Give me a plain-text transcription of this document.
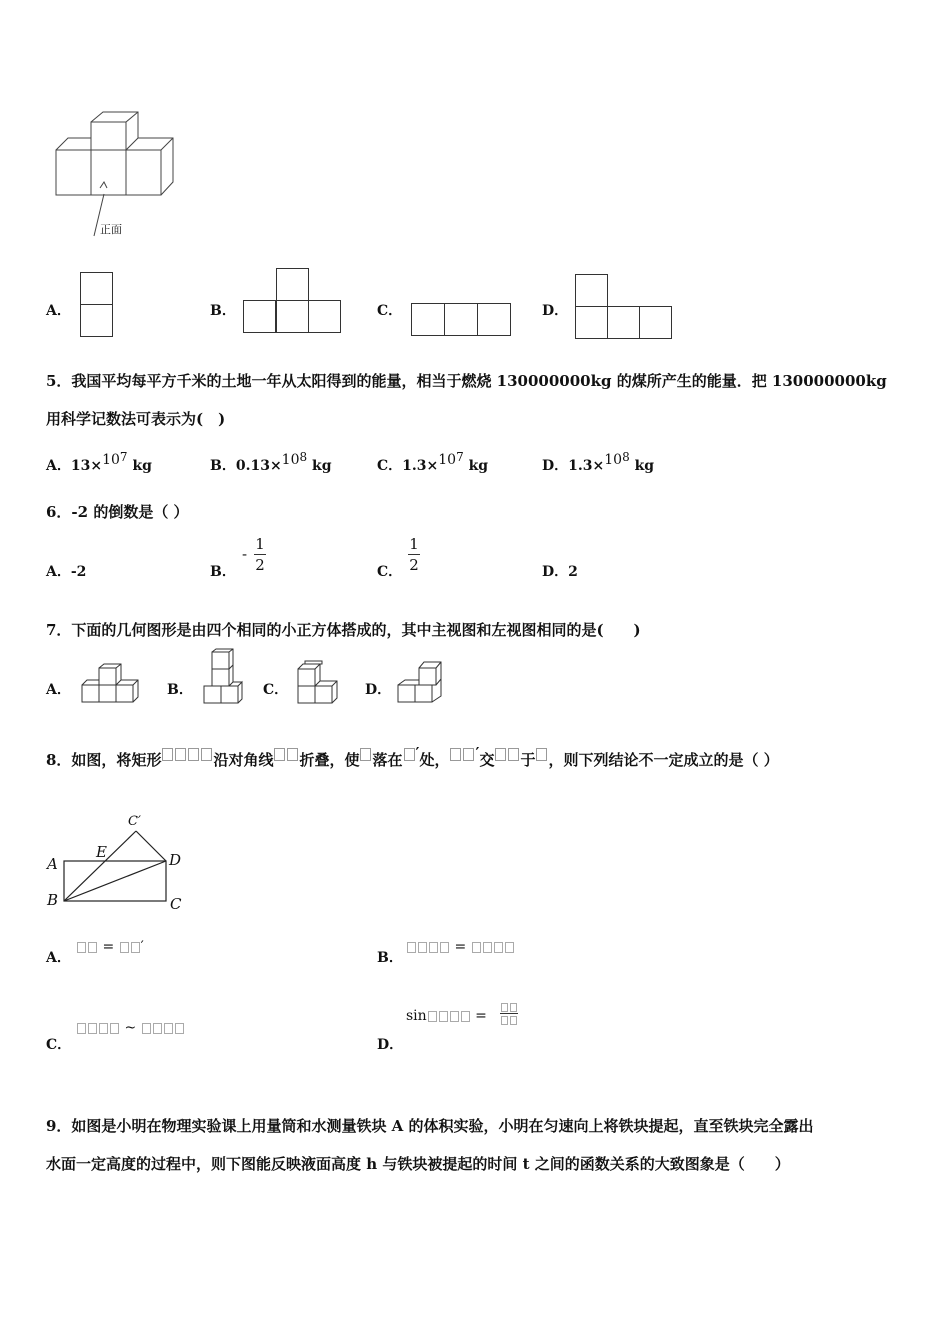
正面
A．	B．	C．	D．
5．我国平均每平方千米的土地一年从太阳得到的能量，相当于燃烧 130000000kg 的煤所产生的能量．把 130000000kg
用科学记数法可表示为(　)
A．13×107 kg	B．0.13×108 kg	C．1.3×107 kg	D．1.3×108 kg
6．-2 的倒数是（ ）
A．-2	B．
-
1
2	C．
1
2	D．2
7．下面的几何图形是由四个相同的小正方体搭成的，其中主视图和左视图相同的是(　　)
A．	B．	C．	D．
8．如图，将矩形	沿对角线 折叠，使 落在 ′处， ′交 于 ，则下列结论不一定成立的是（ ）
C′
A
E	D
B	C
A．
= ′
B．
=
C．
~
D．
sin	=
9．如图是小明在物理实验课上用量筒和水测量铁块 A 的体积实验，小明在匀速向上将铁块提起，直至铁块完全露出
水面一定高度的过程中，则下图能反映液面高度 h 与铁块被提起的时间 t 之间的函数关系的大致图象是（　　）
